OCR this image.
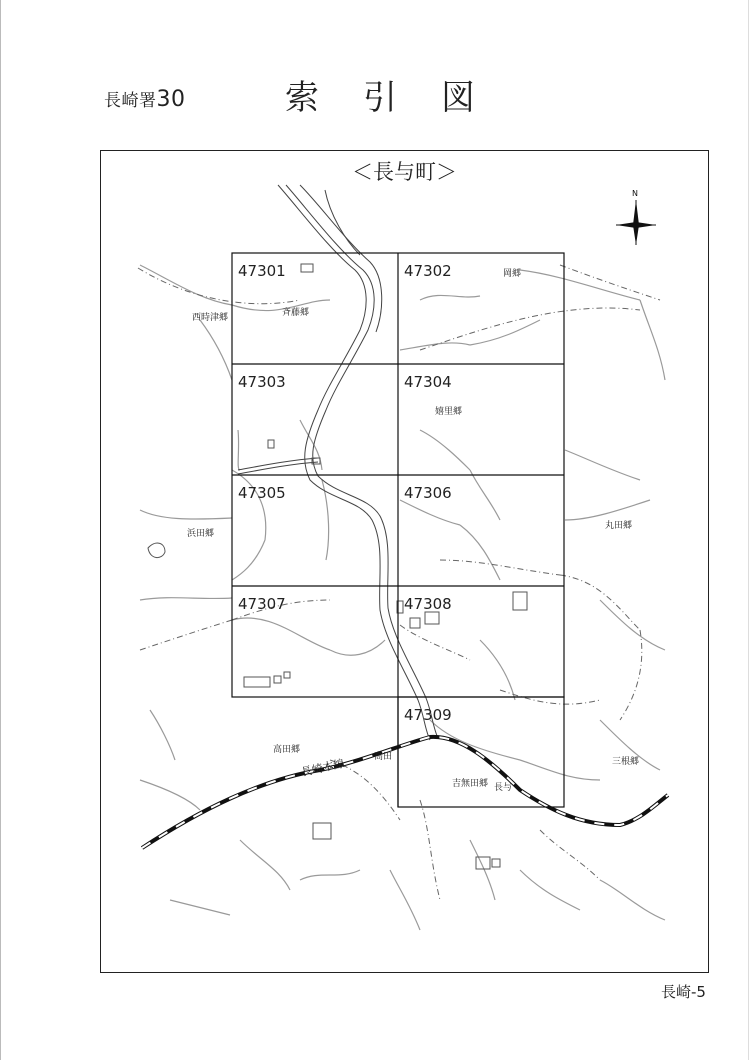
長崎署30	索引図
＜長与町＞
47301	47302
47303	47304
47305	47306
47307	47308
47309
西時津郷	斉藤郷
岡郷
嬉里郷
浜田郷
丸田郷
高田郷
高田
吉無田郷 長与
三根郷
長崎本線
N
長崎-5
